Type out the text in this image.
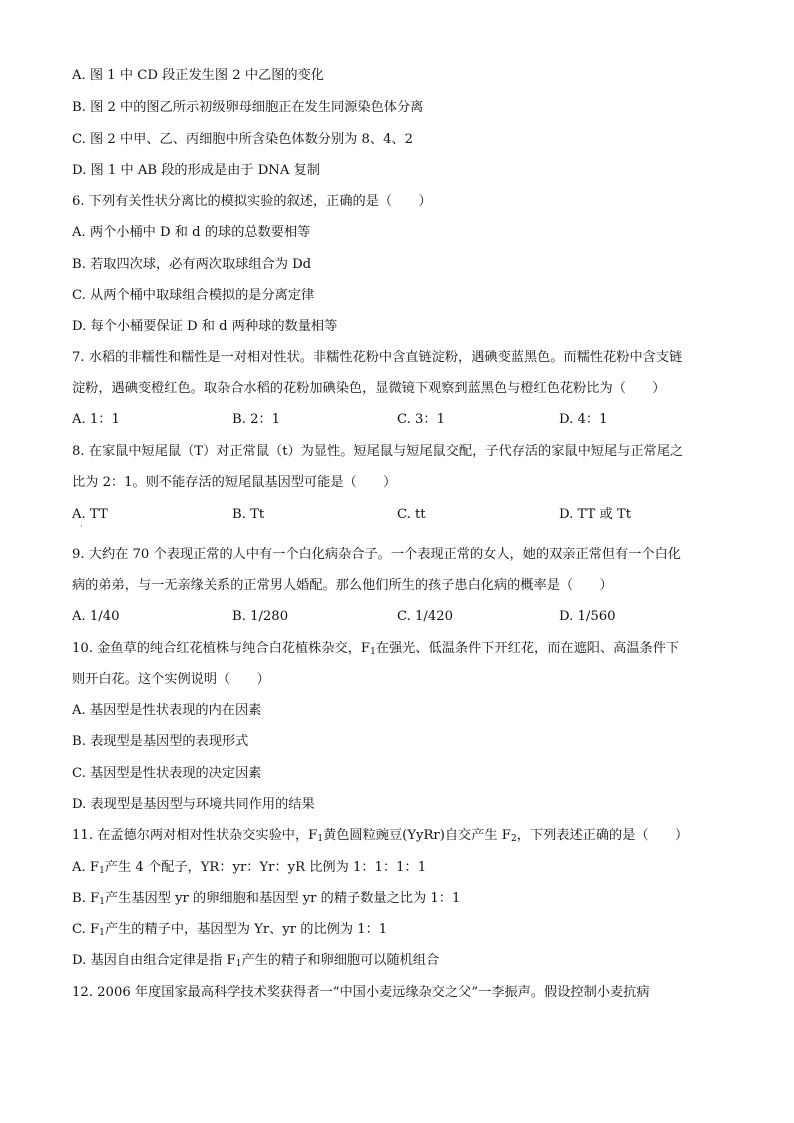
A. 图 1 中 CD 段正发生图 2 中乙图的变化
B. 图 2 中的图乙所示初级卵母细胞正在发生同源染色体分离
C. 图 2 中甲、乙、丙细胞中所含染色体数分别为 8、4、2
D. 图 1 中 AB 段的形成是由于 DNA 复制
6. 下列有关性状分离比的模拟实验的叙述，正确的是（　　）
A. 两个小桶中 D 和 d 的球的总数要相等
B. 若取四次球，必有两次取球组合为 Dd
C. 从两个桶中取球组合模拟的是分离定律
D. 每个小桶要保证 D 和 d 两种球的数量相等
7. 水稻的非糯性和糯性是一对相对性状。非糯性花粉中含直链淀粉，遇碘变蓝黑色。而糯性花粉中含支链
淀粉，遇碘变橙红色。取杂合水稻的花粉加碘染色，显微镜下观察到蓝黑色与橙红色花粉比为（　　）
A. 1：1	B. 2：1	C. 3：1	D. 4：1
8. 在家鼠中短尾鼠（T）对正常鼠（t）为显性。短尾鼠与短尾鼠交配，子代存活的家鼠中短尾与正常尾之
比为 2：1。则不能存活的短尾鼠基因型可能是（　　）
A. TT	B. Tt	C. tt	D. TT 或 Tt
·
9. 大约在 70 个表现正常的人中有一个白化病杂合子。一个表现正常的女人，她的双亲正常但有一个白化
病的弟弟，与一无亲缘关系的正常男人婚配。那么他们所生的孩子患白化病的概率是（　　）
A. 1/40	B. 1/280	C. 1/420	D. 1/560
10. 金鱼草的纯合红花植株与纯合白花植株杂交，$F_1$在强光、低温条件下开红花，而在遮阳、高温条件下
则开白花。这个实例说明（　　）
A. 基因型是性状表现的内在因素
B. 表现型是基因型的表现形式
C. 基因型是性状表现的决定因素
D. 表现型是基因型与环境共同作用的结果
11. 在孟德尔两对相对性状杂交实验中，$F_1$黄色圆粒豌豆(YyRr)自交产生 $F_2$，下列表述正确的是（　　）
A. $F_1$产生 4 个配子，YR：yr：Yr：yR 比例为 1：1：1：1
B. $F_1$产生基因型 yr 的卵细胞和基因型 yr 的精子数量之比为 1：1
C. $F_1$产生的精子中，基因型为 Yr、yr 的比例为 1：1
D. 基因自由组合定律是指 $F_1$产生的精子和卵细胞可以随机组合
12. 2006 年度国家最高科学技术奖获得者一“中国小麦远缘杂交之父”一李振声。假设控制小麦抗病
